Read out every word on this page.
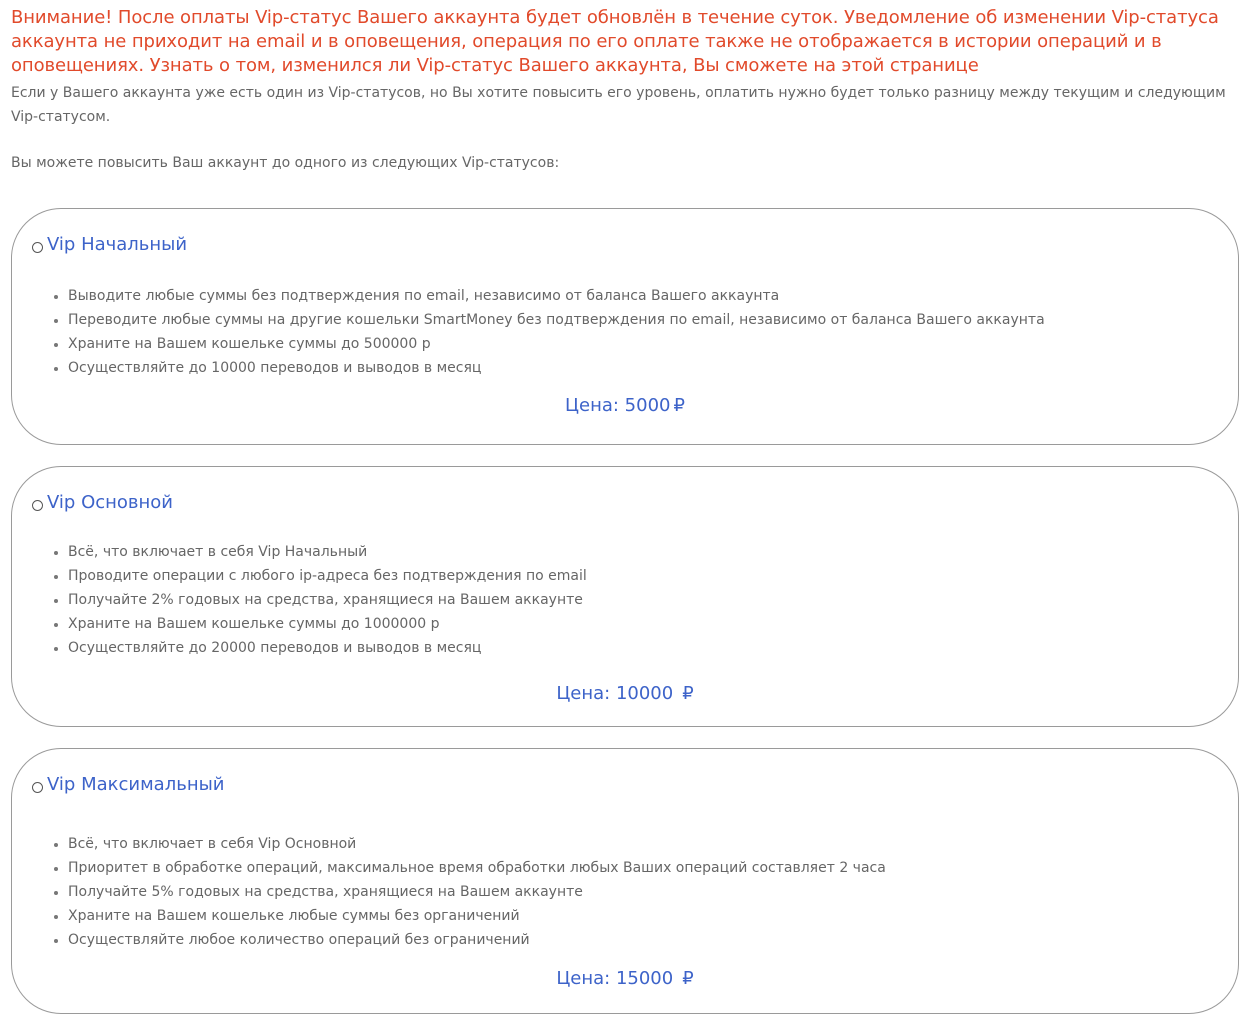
Внимание! После оплаты Vip-статус Вашего аккаунта будет обновлён в течение суток. Уведомление об изменении Vip-статуса аккаунта не приходит на email и в оповещения, операция по его оплате также не отображается в истории операций и в оповещениях. Узнать о том, изменился ли Vip-статус Вашего аккаунта, Вы сможете на этой странице

Если у Вашего аккаунта уже есть один из Vip-статусов, но Вы хотите повысить его уровень, оплатить нужно будет только разницу между текущим и следующим Vip-статусом.

Вы можете повысить Ваш аккаунт до одного из следующих Vip-статусов:

Vip Начальный
• Выводите любые суммы без подтверждения по email, независимо от баланса Вашего аккаунта
• Переводите любые суммы на другие кошельки SmartMoney без подтверждения по email, независимо от баланса Вашего аккаунта
• Храните на Вашем кошельке суммы до 500000 р
• Осуществляйте до 10000 переводов и выводов в месяц
Цена: 5000 ₽
Vip Основной
• Всё, что включает в себя Vip Начальный
• Проводите операции с любого ip-адреса без подтверждения по email
• Получайте 2% годовых на средства, хранящиеся на Вашем аккаунте
• Храните на Вашем кошельке суммы до 1000000 р
• Осуществляйте до 20000 переводов и выводов в месяц
Цена: 10000 ₽
Vip Максимальный
• Всё, что включает в себя Vip Основной
• Приоритет в обработке операций, максимальное время обработки любых Ваших операций составляет 2 часа
• Получайте 5% годовых на средства, хранящиеся на Вашем аккаунте
• Храните на Вашем кошельке любые суммы без органичений
• Осуществляйте любое количество операций без ограничений
Цена: 15000 ₽
